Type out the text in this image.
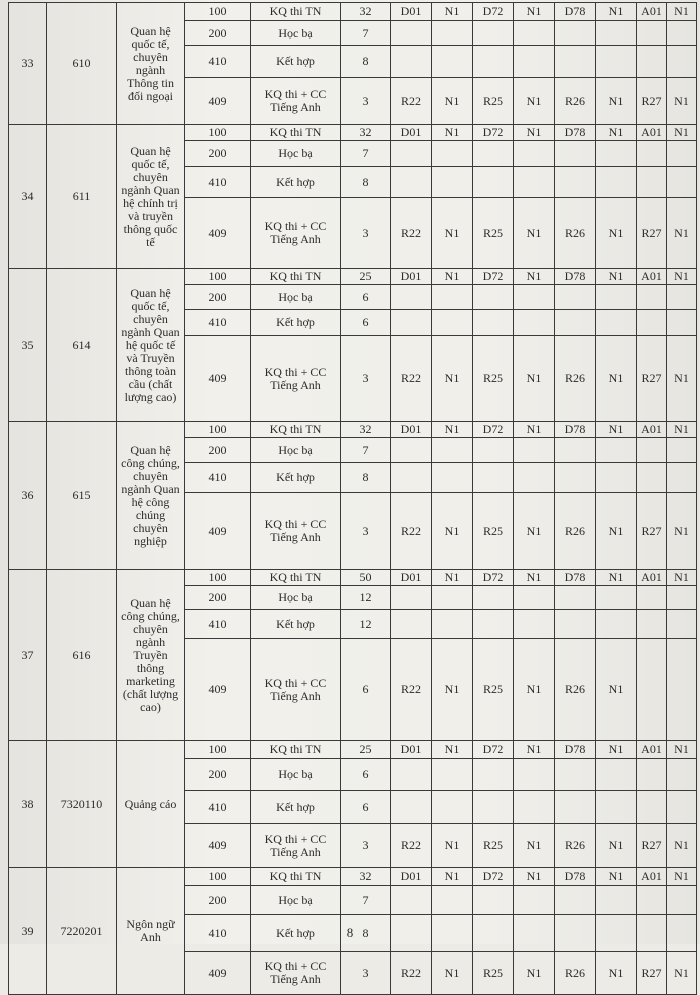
33	610	Quan hệ quốc tế, chuyên ngành Thông tin đối ngoại	100	KQ thi TN	32	D01	N1	D72	N1	D78	N1	A01	N1
			200	Học bạ	7								
			410	Kết hợp	8								
			409	KQ thi + CC Tiếng Anh	3	R22	N1	R25	N1	R26	N1	R27	N1
34	611	Quan hệ quốc tế, chuyên ngành Quan hệ chính trị và truyền thông quốc tế	100	KQ thi TN	32	D01	N1	D72	N1	D78	N1	A01	N1
			200	Học bạ	7								
			410	Kết hợp	8								
			409	KQ thi + CC Tiếng Anh	3	R22	N1	R25	N1	R26	N1	R27	N1
35	614	Quan hệ quốc tế, chuyên ngành Quan hệ quốc tế và Truyền thông toàn cầu (chất lượng cao)	100	KQ thi TN	25	D01	N1	D72	N1	D78	N1	A01	N1
			200	Học bạ	6								
			410	Kết hợp	6								
			409	KQ thi + CC Tiếng Anh	3	R22	N1	R25	N1	R26	N1	R27	N1
36	615	Quan hệ công chúng, chuyên ngành Quan hệ công chúng chuyên nghiệp	100	KQ thi TN	32	D01	N1	D72	N1	D78	N1	A01	N1
			200	Học bạ	7								
			410	Kết hợp	8								
			409	KQ thi + CC Tiếng Anh	3	R22	N1	R25	N1	R26	N1	R27	N1
37	616	Quan hệ công chúng, chuyên ngành Truyền thông marketing (chất lượng cao)	100	KQ thi TN	50	D01	N1	D72	N1	D78	N1	A01	N1
			200	Học bạ	12								
			410	Kết hợp	12								
			409	KQ thi + CC Tiếng Anh	6	R22	N1	R25	N1	R26	N1		
38	7320110	Quảng cáo	100	KQ thi TN	25	D01	N1	D72	N1	D78	N1	A01	N1
			200	Học bạ	6								
			410	Kết hợp	6								
			409	KQ thi + CC Tiếng Anh	3	R22	N1	R25	N1	R26	N1	R27	N1
39	7220201	Ngôn ngữ Anh	100	KQ thi TN	32	D01	N1	D72	N1	D78	N1	A01	N1
			200	Học bạ	7								
			410	Kết hợp	8								
			409	KQ thi + CC Tiếng Anh	3	R22	N1	R25	N1	R26	N1	R27	N1
8
